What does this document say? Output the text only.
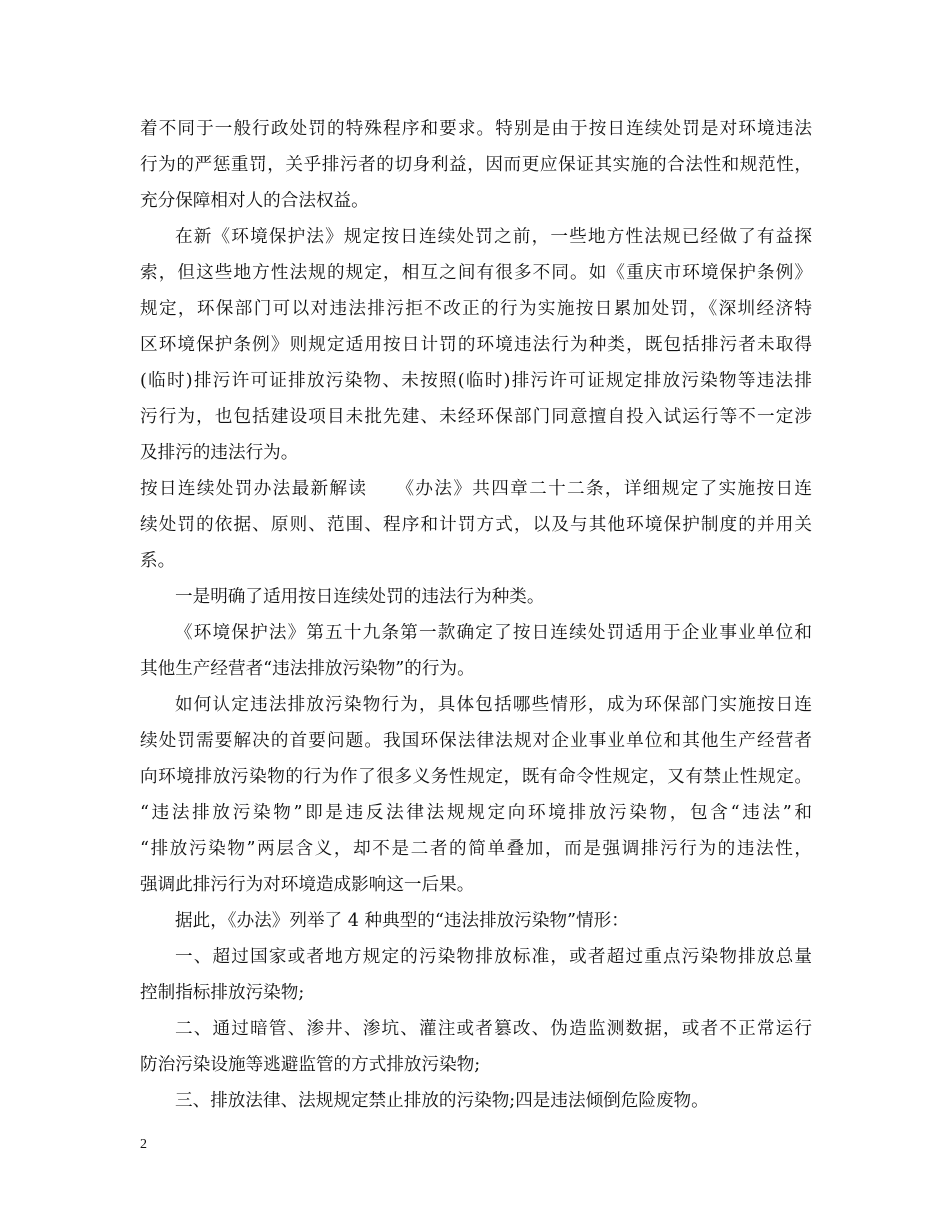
着不同于一般行政处罚的特殊程序和要求。特别是由于按日连续处罚是对环境违法
行为的严惩重罚，关乎排污者的切身利益，因而更应保证其实施的合法性和规范性，
充分保障相对人的合法权益。
在新《环境保护法》规定按日连续处罚之前，一些地方性法规已经做了有益探
索，但这些地方性法规的规定，相互之间有很多不同。如《重庆市环境保护条例》
规定，环保部门可以对违法排污拒不改正的行为实施按日累加处罚，《深圳经济特
区环境保护条例》则规定适用按日计罚的环境违法行为种类，既包括排污者未取得
(临时)排污许可证排放污染物、未按照(临时)排污许可证规定排放污染物等违法排
污行为，也包括建设项目未批先建、未经环保部门同意擅自投入试运行等不一定涉
及排污的违法行为。
按日连续处罚办法最新解读　　《办法》共四章二十二条，详细规定了实施按日连
续处罚的依据、原则、范围、程序和计罚方式，以及与其他环境保护制度的并用关
系。
一是明确了适用按日连续处罚的违法行为种类。
《环境保护法》第五十九条第一款确定了按日连续处罚适用于企业事业单位和
其他生产经营者“违法排放污染物”的行为。
如何认定违法排放污染物行为，具体包括哪些情形，成为环保部门实施按日连
续处罚需要解决的首要问题。我国环保法律法规对企业事业单位和其他生产经营者
向环境排放污染物的行为作了很多义务性规定，既有命令性规定，又有禁止性规定。
“违法排放污染物”即是违反法律法规规定向环境排放污染物，包含“违法”和
“排放污染物”两层含义，却不是二者的简单叠加，而是强调排污行为的违法性，
强调此排污行为对环境造成影响这一后果。
据此，《办法》列举了 4 种典型的“违法排放污染物”情形：
一、超过国家或者地方规定的污染物排放标准，或者超过重点污染物排放总量
控制指标排放污染物;
二、通过暗管、渗井、渗坑、灌注或者篡改、伪造监测数据，或者不正常运行
防治污染设施等逃避监管的方式排放污染物;
三、排放法律、法规规定禁止排放的污染物;四是违法倾倒危险废物。
2
